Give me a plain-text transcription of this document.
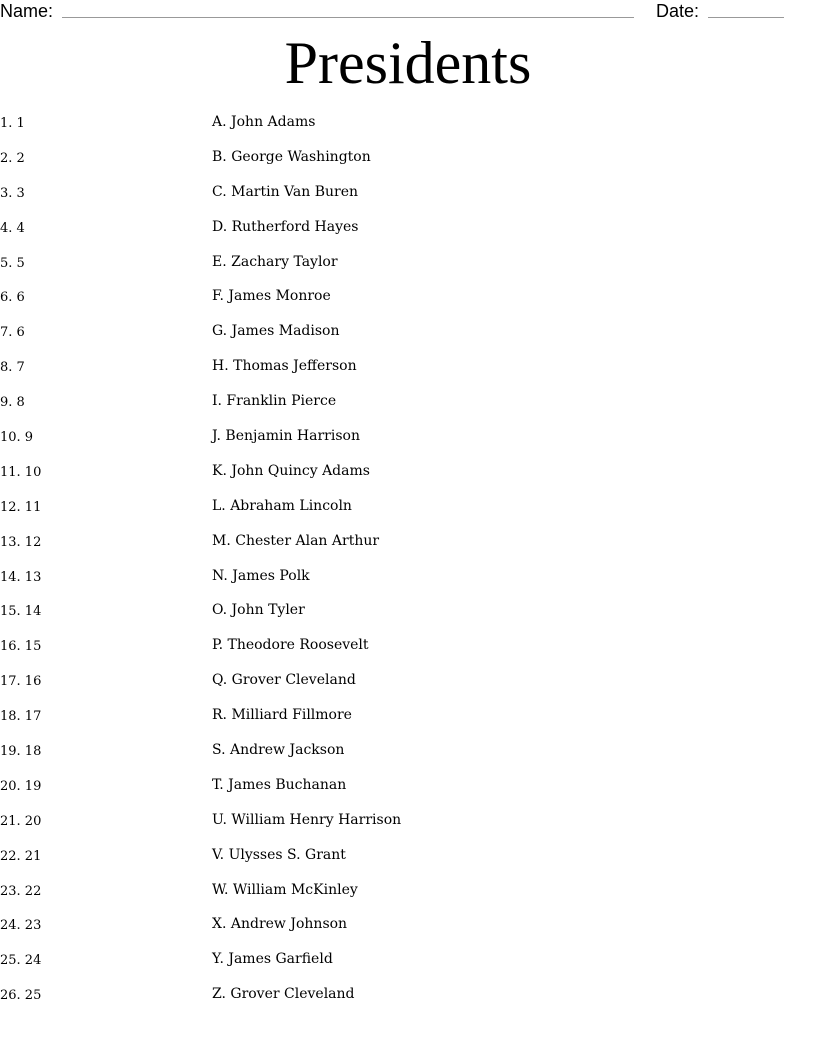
Name:	Date:
Presidents
1. 1	A. John Adams
2. 2	B. George Washington
3. 3	C. Martin Van Buren
4. 4	D. Rutherford Hayes
5. 5	E. Zachary Taylor
6. 6	F. James Monroe
7. 6	G. James Madison
8. 7	H. Thomas Jefferson
9. 8	I. Franklin Pierce
10. 9	J. Benjamin Harrison
11. 10	K. John Quincy Adams
12. 11	L. Abraham Lincoln
13. 12	M. Chester Alan Arthur
14. 13	N. James Polk
15. 14	O. John Tyler
16. 15	P. Theodore Roosevelt
17. 16	Q. Grover Cleveland
18. 17	R. Milliard Fillmore
19. 18	S. Andrew Jackson
20. 19	T. James Buchanan
21. 20	U. William Henry Harrison
22. 21	V. Ulysses S. Grant
23. 22	W. William McKinley
24. 23	X. Andrew Johnson
25. 24	Y. James Garfield
26. 25	Z. Grover Cleveland
